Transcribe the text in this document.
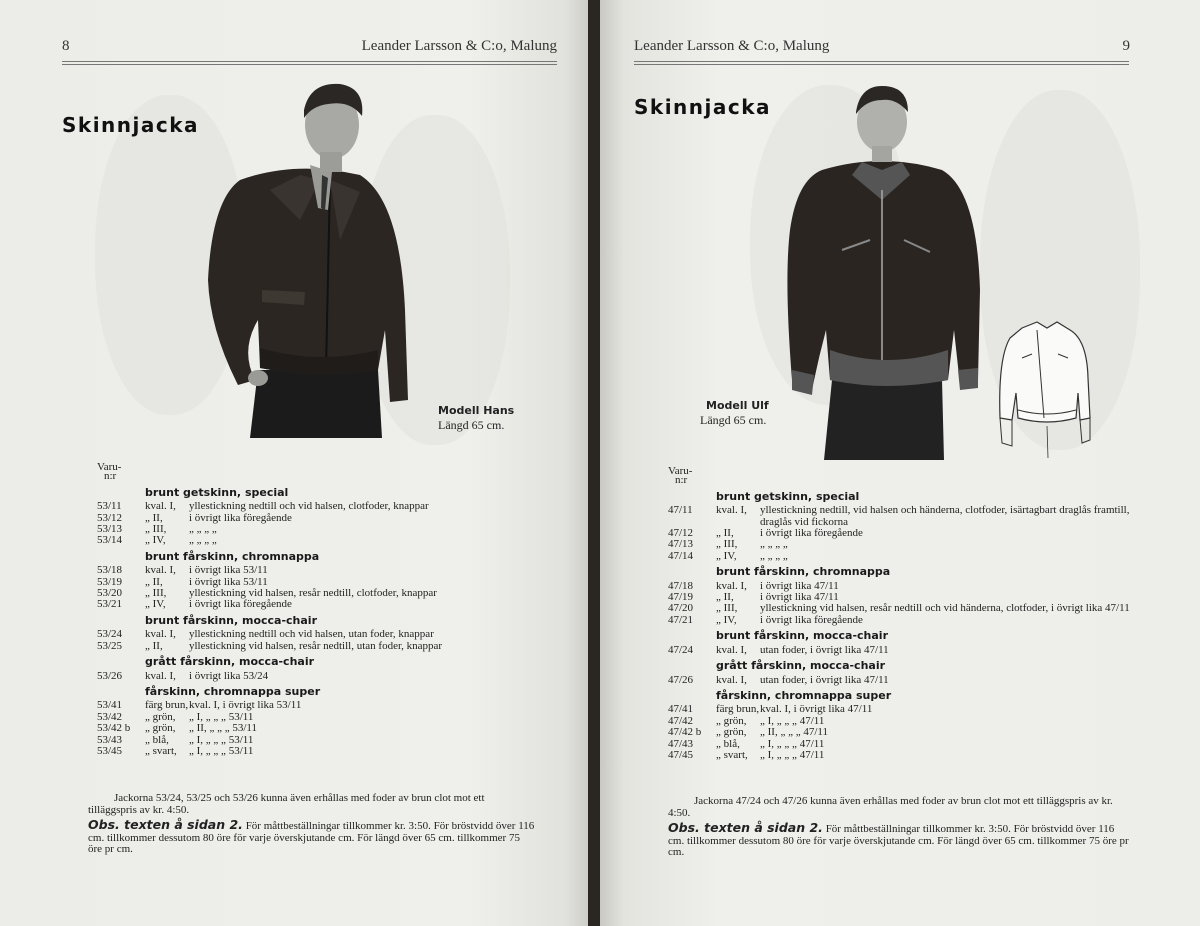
8	Leander Larsson & C:o, Malung
Skinnjacka
Modell Hans
Längd 65 cm.
Varu-
n:r
brunt getskinn, special
53/11	kval. I,	yllestickning nedtill och vid halsen, clotfoder, knappar
53/12	„ II,	i övrigt lika föregående
53/13	„ III,	„ „ „ „
53/14	„ IV,	„ „ „ „
brunt fårskinn, chromnappa
53/18	kval. I,	i övrigt lika 53/11
53/19	„ II,	i övrigt lika 53/11
53/20	„ III,	yllestickning vid halsen, resår nedtill, clotfoder, knappar
53/21	„ IV,	i övrigt lika föregående
brunt fårskinn, mocca-chair
53/24	kval. I,	yllestickning nedtill och vid halsen, utan foder, knappar
53/25	„ II,	yllestickning vid halsen, resår nedtill, utan foder, knappar
grått fårskinn, mocca-chair
53/26	kval. I,	i övrigt lika 53/24
fårskinn, chromnappa super
53/41	färg brun, kval. I, i övrigt lika 53/11
53/42	„ grön,	„ I, „ „ „ 53/11
53/42 b	„ grön,	„ II, „ „ „ 53/11
53/43	„ blå,	„ I, „ „ „ 53/11
53/45	„ svart,	„ I, „ „ „ 53/11
Jackorna 53/24, 53/25 och 53/26 kunna även erhållas med foder av brun clot mot ett tilläggspris av kr. 4:50.
Obs. texten å sidan 2. För måttbeställningar tillkommer kr. 3:50. För bröstvidd över 116 cm. tillkommer dessutom 80 öre för varje överskjutande cm. För längd över 65 cm. tillkommer 75 öre pr cm.
Leander Larsson & C:o, Malung	9
Skinnjacka
Modell Ulf
Längd 65 cm.
Varu-
n:r
brunt getskinn, special
47/11	kval. I,	yllestickning nedtill, vid halsen och händerna, clotfoder, isärtagbart draglås framtill, draglås vid fickorna
47/12	„ II,	i övrigt lika föregående
47/13	„ III,	„ „ „ „
47/14	„ IV,	„ „ „ „
brunt fårskinn, chromnappa
47/18	kval. I,	i övrigt lika 47/11
47/19	„ II,	i övrigt lika 47/11
47/20	„ III,	yllestickning vid halsen, resår nedtill och vid händerna, clotfoder, i övrigt lika 47/11
47/21	„ IV,	i övrigt lika föregående
brunt fårskinn, mocca-chair
47/24	kval. I,	utan foder, i övrigt lika 47/11
grått fårskinn, mocca-chair
47/26	kval. I,	utan foder, i övrigt lika 47/11
fårskinn, chromnappa super
47/41	färg brun, kval. I, i övrigt lika 47/11
47/42	„ grön,	„ I, „ „ „ 47/11
47/42 b	„ grön,	„ II, „ „ „ 47/11
47/43	„ blå,	„ I, „ „ „ 47/11
47/45	„ svart,	„ I, „ „ „ 47/11
Jackorna 47/24 och 47/26 kunna även erhållas med foder av brun clot mot ett tilläggspris av kr. 4:50.
Obs. texten å sidan 2. För måttbeställningar tillkommer kr. 3:50. För bröstvidd över 116 cm. tillkommer dessutom 80 öre för varje överskjutande cm. För längd över 65 cm. tillkommer 75 öre pr cm.
